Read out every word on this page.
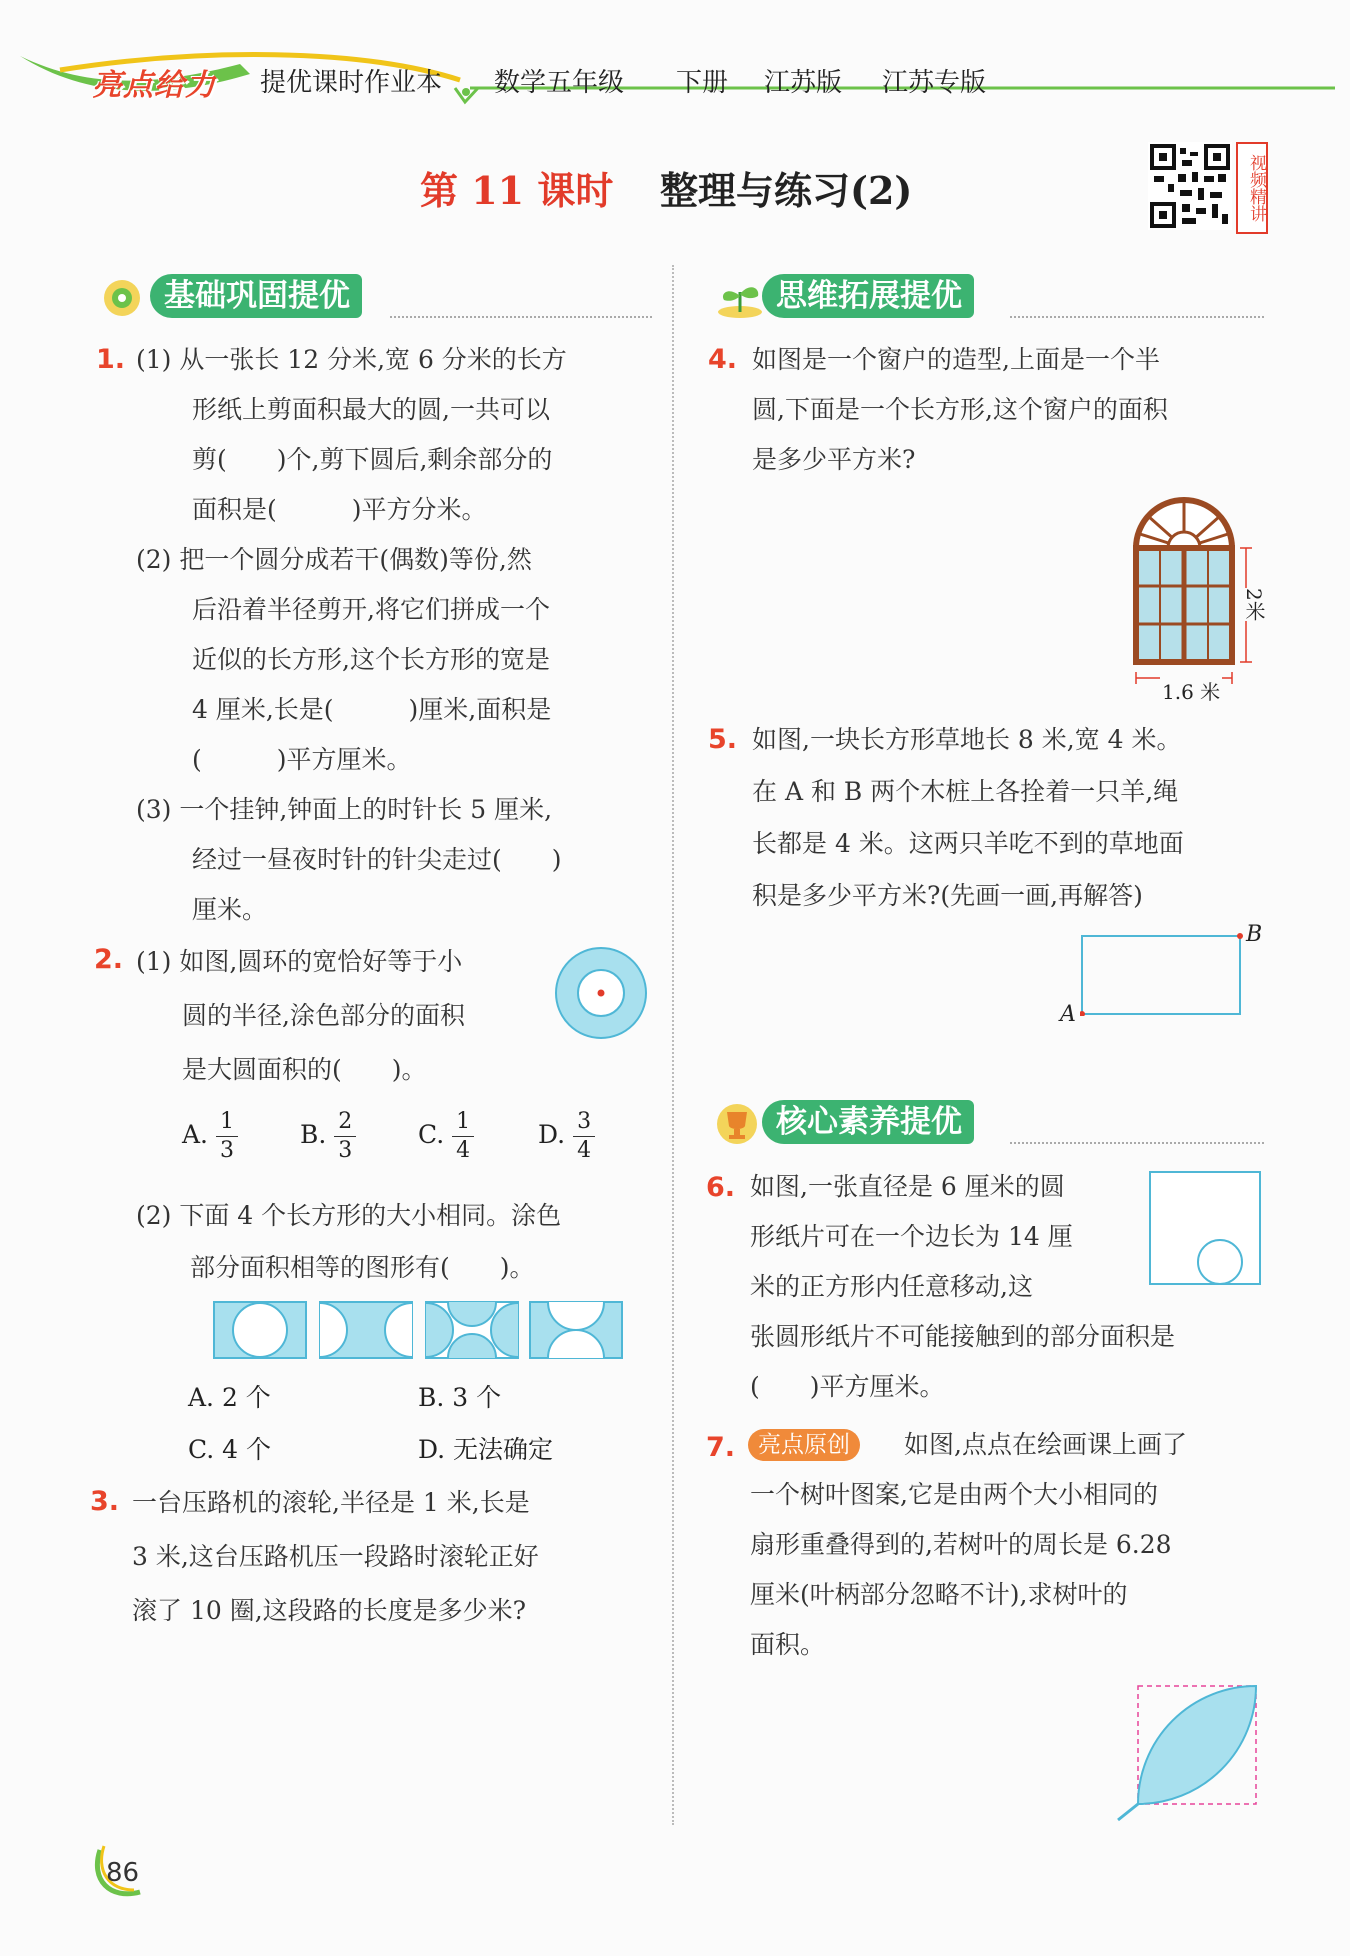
亮点给力 提优课时作业本 数学五年级 下册 江苏版 江苏专版
第 11 课时 整理与练习(2)	视频精讲
基础巩固提优	思维拓展提优
核心素养提优
1. (1) 从一张长 12 分米,宽 6 分米的长方
形纸上剪面积最大的圆,一共可以
剪(　　)个,剪下圆后,剩余部分的
面积是(　　　)平方分米。
(2) 把一个圆分成若干(偶数)等份,然
后沿着半径剪开,将它们拼成一个
近似的长方形,这个长方形的宽是
4 厘米,长是(　　　)厘米,面积是
(　　　)平方厘米。
(3) 一个挂钟,钟面上的时针长 5 厘米,
经过一昼夜时针的针尖走过(　　)
厘米。
2. (1) 如图,圆环的宽恰好等于小
圆的半径,涂色部分的面积
是大圆面积的(　　)。
A. $\frac{1}{3} B$. $\frac{2}{3} C$. $\frac{1}{4}$	D. $\frac{3}{4}$
(2) 下面 4 个长方形的大小相同。涂色
部分面积相等的图形有(　　)。
A. 2 个	B. 3 个
C. 4 个	D. 无法确定
3. 一台压路机的滚轮,半径是 1 米,长是
3 米,这台压路机压一段路时滚轮正好
滚了 10 圈,这段路的长度是多少米?
4. 如图是一个窗户的造型,上面是一个半
圆,下面是一个长方形,这个窗户的面积
是多少平方米?
2米
1.6 米
5. 如图,一块长方形草地长 8 米,宽 4 米。
在 A 和 B 两个木桩上各拴着一只羊,绳
长都是 4 米。这两只羊吃不到的草地面
积是多少平方米?(先画一画,再解答)
A
B
6. 如图,一张直径是 6 厘米的圆
形纸片可在一个边长为 14 厘
米的正方形内任意移动,这
张圆形纸片不可能接触到的部分面积是
(　　)平方厘米。
7. 亮点原创	如图,点点在绘画课上画了
一个树叶图案,它是由两个大小相同的
扇形重叠得到的,若树叶的周长是 6.28
厘米(叶柄部分忽略不计),求树叶的
面积。
86
